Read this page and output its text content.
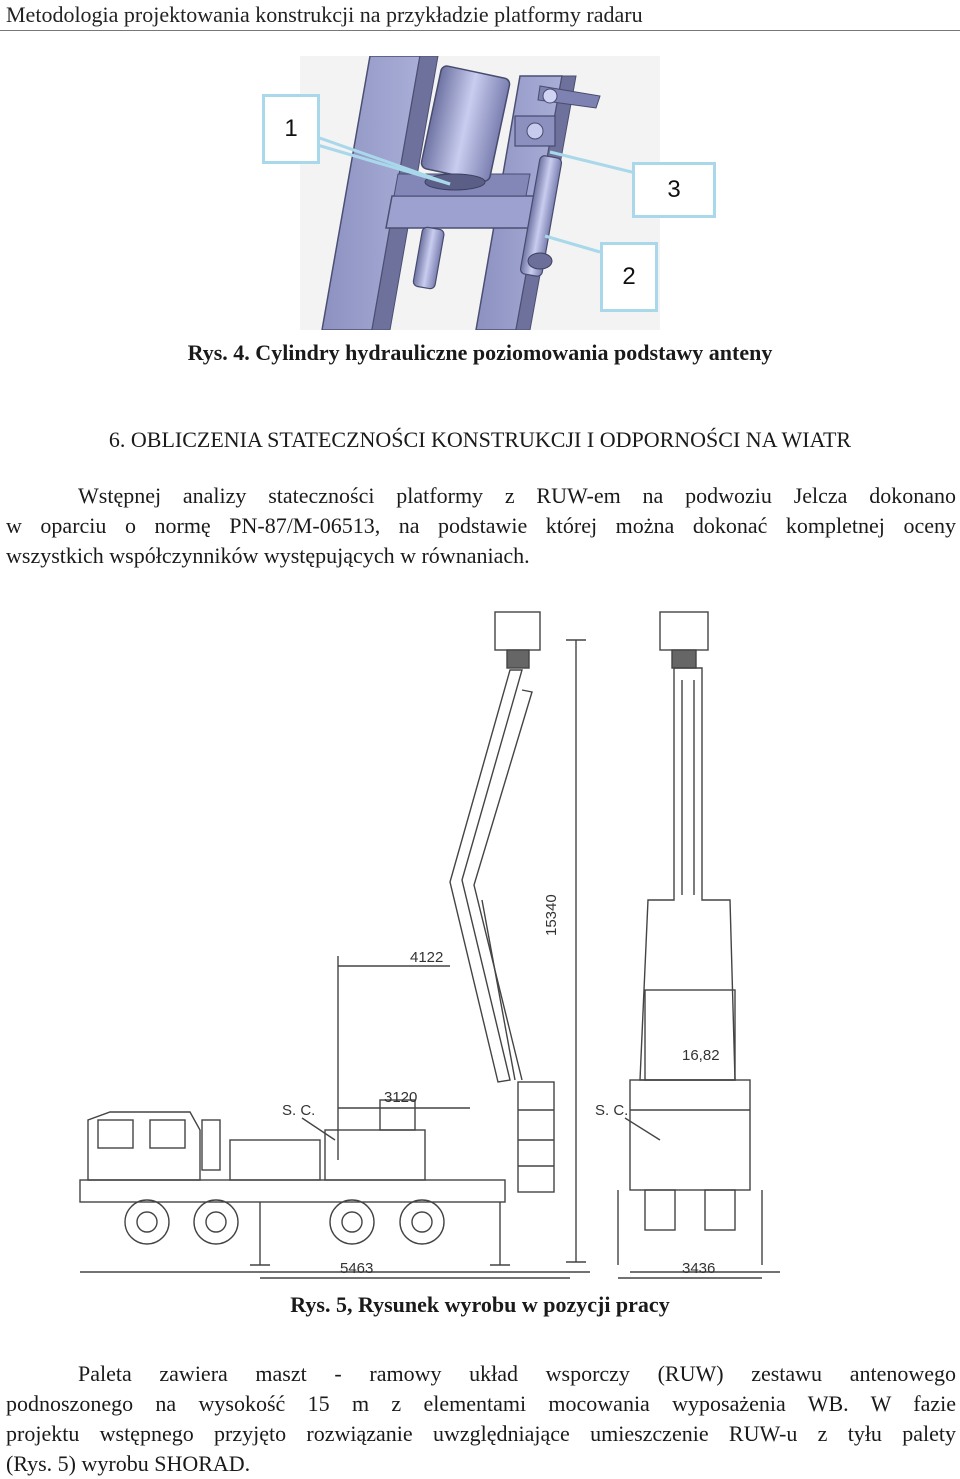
Metodologia projektowania konstrukcji na przykładzie platformy radaru
1
3
2
Rys. 4. Cylindry hydrauliczne poziomowania podstawy anteny
6. OBLICZENIA STATECZNOŚCI KONSTRUKCJI I ODPORNOŚCI NA WIATR
Wstępnej analizy stateczności platformy z RUW-em na podwoziu Jelcza dokonano
w oparciu o normę PN-87/M-06513, na podstawie której można dokonać kompletnej oceny
wszystkich współczynników występujących w równaniach.
15340
4122
3120
S. C.	S. C.
16,82
5463	3436
Rys. 5, Rysunek wyrobu w pozycji pracy
Paleta zawiera maszt - ramowy układ wsporczy (RUW) zestawu antenowego
podnoszonego na wysokość 15 m z elementami mocowania wyposażenia WB. W fazie
projektu wstępnego przyjęto rozwiązanie uwzględniające umieszczenie RUW-u z tyłu palety
(Rys. 5) wyrobu SHORAD.
